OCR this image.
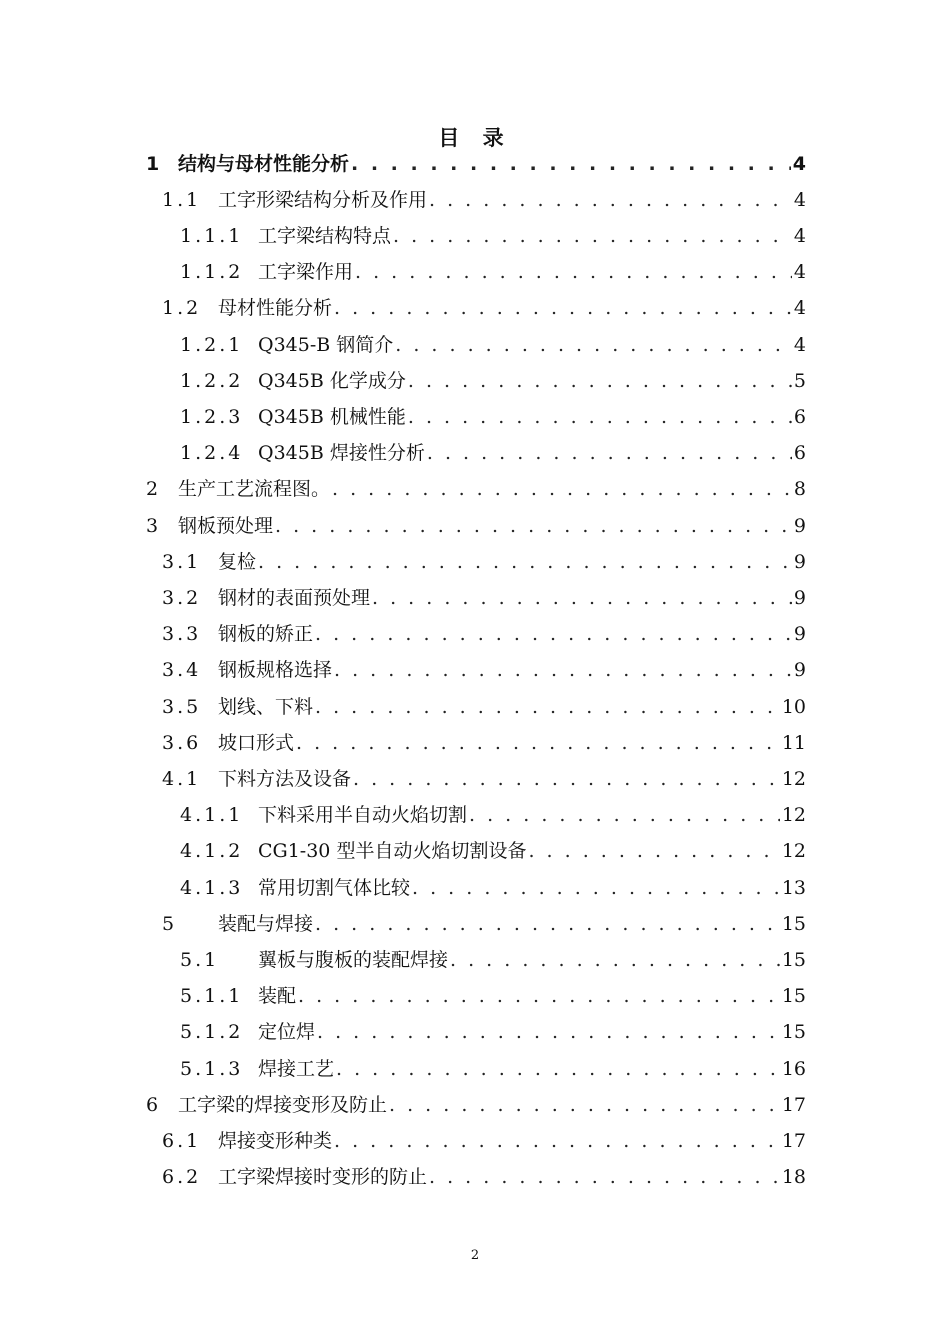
目 录
1 结构与母材性能分析 . . .	4
1.1 工字形梁结构分析及作用 . . .	4
1.1.1 工字梁结构特点 . . .	4
1.1.2 工字梁作用 . . .	4
1.2 母材性能分析 . . .	4
1.2.1 Q345-B 钢简介 . . .	4
1.2.2 Q345B 化学成分 . . .	5
1.2.3 Q345B 机械性能 . . .	6
1.2.4 Q345B 焊接性分析 . . .	6
2 生产工艺流程图。 . . .	8
3 钢板预处理 . . .	9
3.1 复检 . . .	9
3.2 钢材的表面预处理 . . .	9
3.3 钢板的矫正 . . .	9
3.4 钢板规格选择 . . .	9
3.5 划线、下料 . . .	10
3.6 坡口形式 . . .	11
4.1 下料方法及设备 . . .	12
4.1.1 下料采用半自动火焰切割 . . .	12
4.1.2 CG1-30 型半自动火焰切割设备 . . .	12
4.1.3 常用切割气体比较 . . .	13
5	装配与焊接 . . .	15
5.1	翼板与腹板的装配焊接 . . .	15
5.1.1 装配 . . .	15
5.1.2 定位焊 . . .	15
5.1.3 焊接工艺 . . .	16
6 工字梁的焊接变形及防止 . . .	17
6.1 焊接变形种类 . . .	17
6.2 工字梁焊接时变形的防止 . . .	18
2
